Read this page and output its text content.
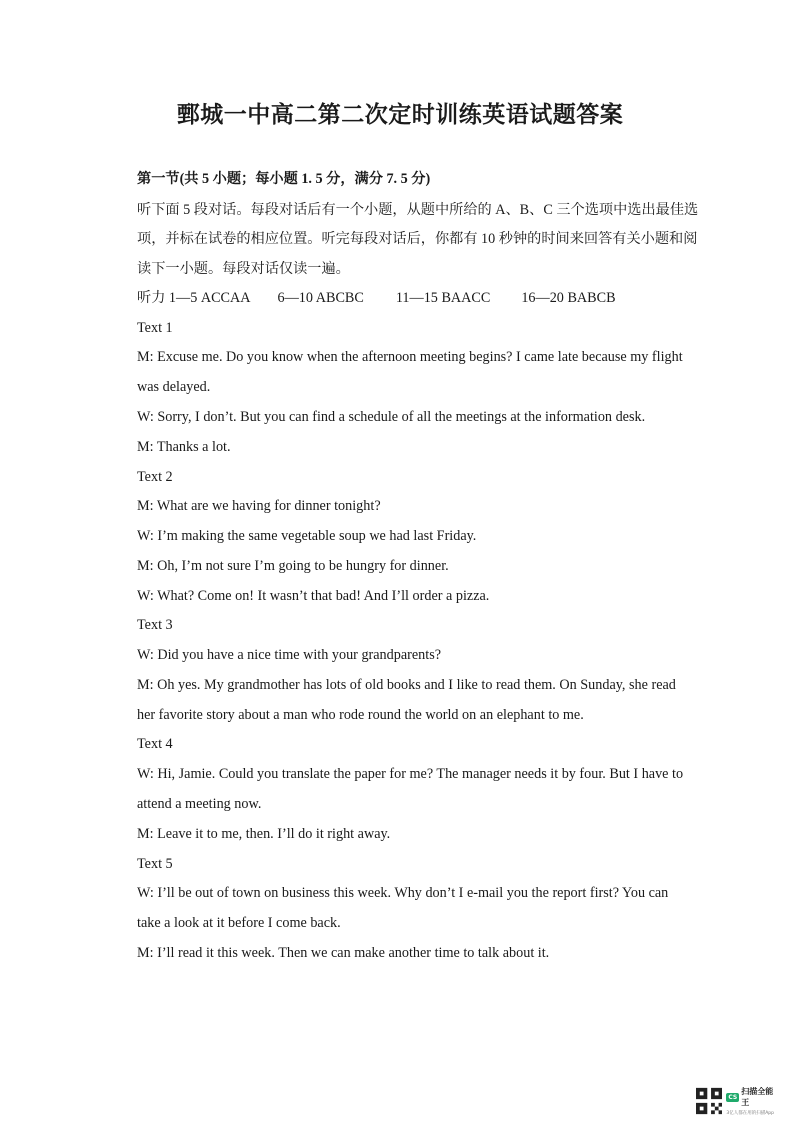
鄄城一中高二第二次定时训练英语试题答案
第一节(共 5 小题；每小题 1. 5 分，满分 7. 5 分)
听下面 5 段对话。每段对话后有一个小题，从题中所给的 A、B、C 三个选项中选出最佳选
项，并标在试卷的相应位置。听完每段对话后，你都有 10 秒钟的时间来回答有关小题和阅
读下一小题。每段对话仅读一遍。
听力 1—5 ACCAA 6—10 ABCBC 11—15 BAACC 16—20 BABCB
Text 1
M: Excuse me. Do you know when the afternoon meeting begins? I came late because my flight
was delayed.
W: Sorry, I don’t. But you can find a schedule of all the meetings at the information desk.
M: Thanks a lot.
Text 2
M: What are we having for dinner tonight?
W: I’m making the same vegetable soup we had last Friday.
M: Oh, I’m not sure I’m going to be hungry for dinner.
W: What? Come on! It wasn’t that bad! And I’ll order a pizza.
Text 3
W: Did you have a nice time with your grandparents?
M: Oh yes. My grandmother has lots of old books and I like to read them. On Sunday, she read
her favorite story about a man who rode round the world on an elephant to me.
Text 4
W: Hi, Jamie. Could you translate the paper for me? The manager needs it by four. But I have to
attend a meeting now.
M: Leave it to me, then. I’ll do it right away.
Text 5
W: I’ll be out of town on business this week. Why don’t I e-mail you the report first? You can
take a look at it before I come back.
M: I’ll read it this week. Then we can make another time to talk about it.
CS
扫描全能王
3亿人都在用的扫描App
